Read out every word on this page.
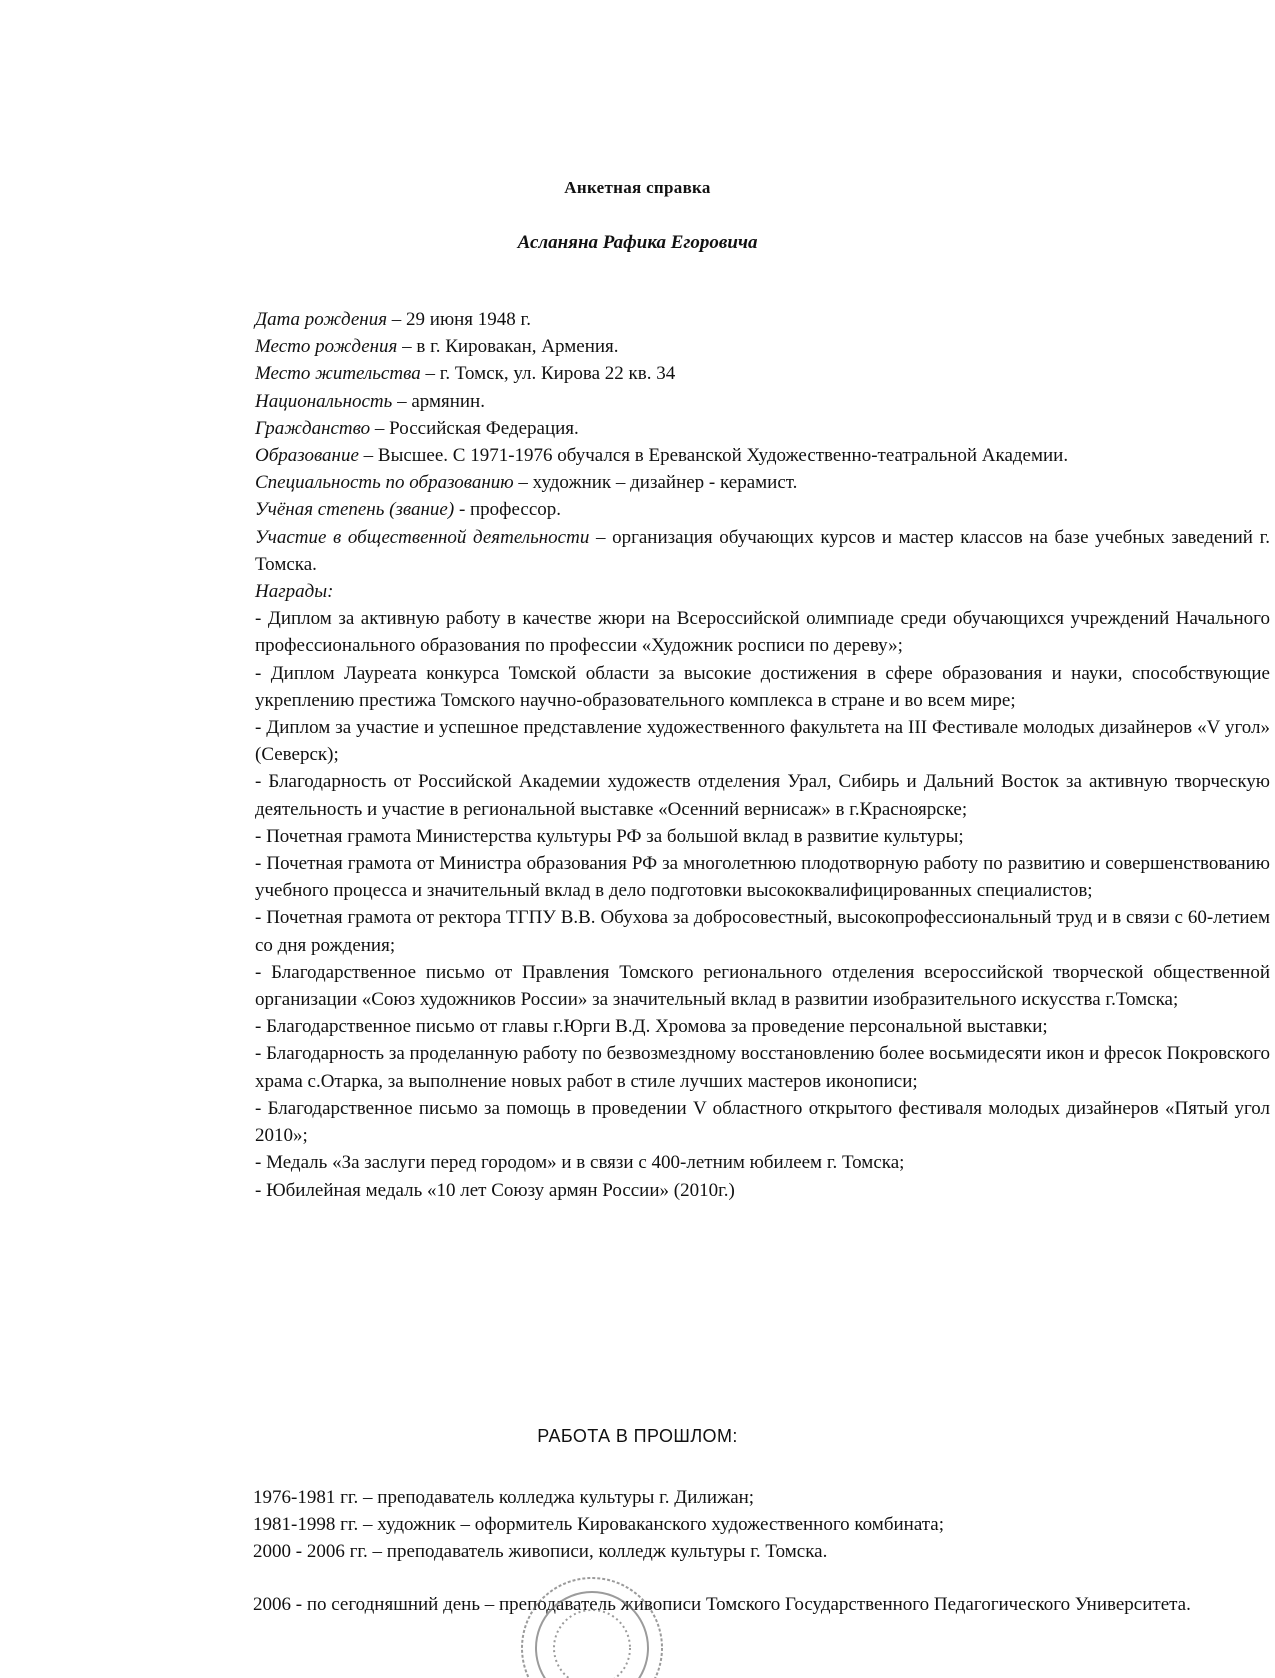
Анкетная справка
Асланяна Рафика Егоровича

Дата рождения – 29 июня 1948 г.

Место рождения – в г. Кировакан, Армения.

Место жительства – г. Томск, ул. Кирова 22 кв. 34

Национальность – армянин.

Гражданство – Российская Федерация.

Образование – Высшее. С 1971-1976 обучался в Ереванской Художественно-театральной Академии.

Специальность по образованию – художник – дизайнер - керамист.

Учёная степень (звание) - профессор.

Участие в общественной деятельности – организация обучающих курсов и мастер классов на базе учебных заведений г. Томска.

Награды:

- Диплом за активную работу в качестве жюри на Всероссийской олимпиаде среди обучающихся учреждений Начального профессионального образования по профессии «Художник росписи по дереву»;

- Диплом Лауреата конкурса Томской области за высокие достижения в сфере образования и науки, способствующие укреплению престижа Томского научно-образовательного комплекса в стране и во всем мире;

- Диплом за участие и успешное представление художественного факультета на III Фестивале молодых дизайнеров «V угол» (Северск);

- Благодарность от Российской Академии художеств отделения Урал, Сибирь и Дальний Восток за активную творческую деятельность и участие в региональной выставке «Осенний вернисаж» в г.Красноярске;

- Почетная грамота Министерства культуры РФ за большой вклад в развитие культуры;

- Почетная грамота от Министра образования РФ за многолетнюю плодотворную работу по развитию и совершенствованию учебного процесса и значительный вклад в дело подготовки высококвалифицированных специалистов;

- Почетная грамота от ректора ТГПУ В.В. Обухова за добросовестный, высокопрофессиональный труд и в связи с 60-летием со дня рождения;

- Благодарственное письмо от Правления Томского регионального отделения всероссийской творческой общественной организации «Союз художников России» за значительный вклад в развитии изобразительного искусства г.Томска;

- Благодарственное письмо от главы г.Юрги В.Д. Хромова за проведение персональной выставки;

- Благодарность за проделанную работу по безвозмездному восстановлению более восьмидесяти икон и фресок Покровского храма с.Отарка, за выполнение новых работ в стиле лучших мастеров иконописи;

- Благодарственное письмо за помощь в проведении V областного открытого фестиваля молодых дизайнеров «Пятый угол 2010»;

- Медаль «За заслуги перед городом» и в связи с 400-летним юбилеем г. Томска;

- Юбилейная медаль «10 лет Союзу армян России» (2010г.)

РАБОТА В ПРОШЛОМ:

1976-1981 гг. – преподаватель колледжа культуры г. Дилижан;

1981-1998 гг. – художник – оформитель Кироваканского художественного комбината;

2000 - 2006 гг. – преподаватель живописи, колледж культуры г. Томска.

2006 - по сегодняшний день – преподаватель живописи Томского Государственного Педагогического Университета.
